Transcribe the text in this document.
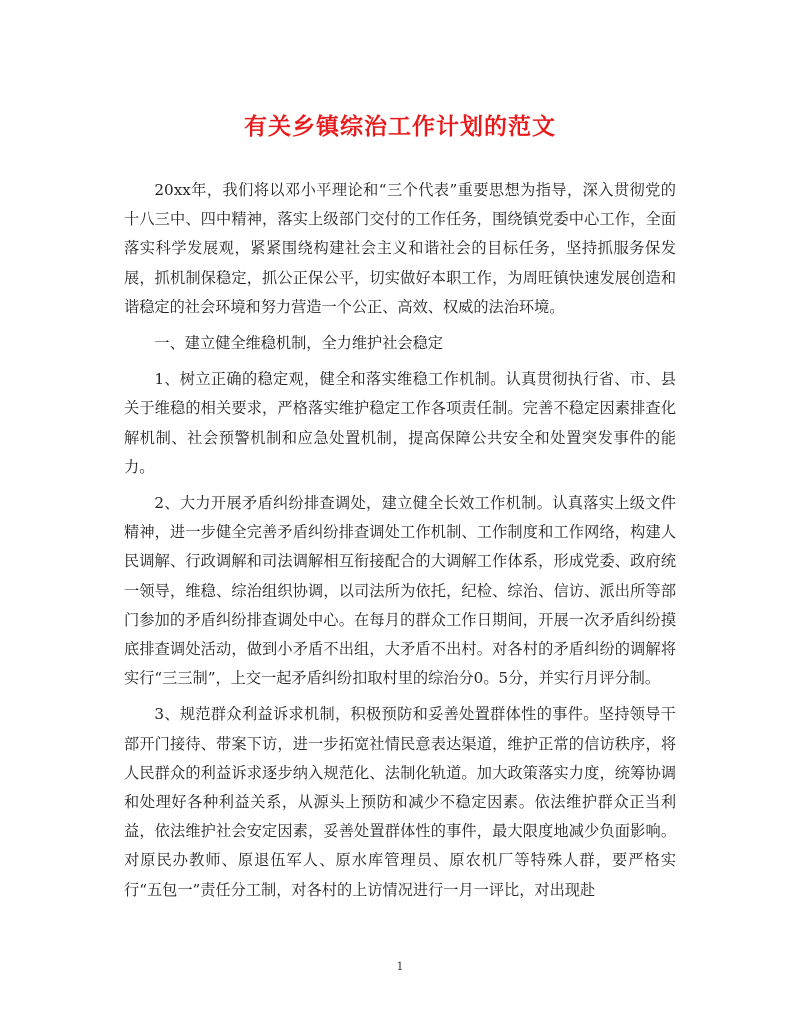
有关乡镇综治工作计划的范文

20xx年，我们将以邓小平理论和“三个代表”重要思想为指导，深入贯彻党的十八三中、四中精神，落实上级部门交付的工作任务，围绕镇党委中心工作，全面落实科学发展观，紧紧围绕构建社会主义和谐社会的目标任务，坚持抓服务保发展，抓机制保稳定，抓公正保公平，切实做好本职工作，为周旺镇快速发展创造和谐稳定的社会环境和努力营造一个公正、高效、权威的法治环境。

一、建立健全维稳机制，全力维护社会稳定

1、树立正确的稳定观，健全和落实维稳工作机制。认真贯彻执行省、市、县关于维稳的相关要求，严格落实维护稳定工作各项责任制。完善不稳定因素排查化解机制、社会预警机制和应急处置机制，提高保障公共安全和处置突发事件的能力。

2、大力开展矛盾纠纷排查调处，建立健全长效工作机制。认真落实上级文件精神，进一步健全完善矛盾纠纷排查调处工作机制、工作制度和工作网络，构建人民调解、行政调解和司法调解相互衔接配合的大调解工作体系，形成党委、政府统一领导，维稳、综治组织协调，以司法所为依托，纪检、综治、信访、派出所等部门参加的矛盾纠纷排查调处中心。在每月的群众工作日期间，开展一次矛盾纠纷摸底排查调处活动，做到小矛盾不出组，大矛盾不出村。对各村的矛盾纠纷的调解将实行“三三制”，上交一起矛盾纠纷扣取村里的综治分0。5分，并实行月评分制。

3、规范群众利益诉求机制，积极预防和妥善处置群体性的事件。坚持领导干部开门接待、带案下访，进一步拓宽社情民意表达渠道，维护正常的信访秩序，将人民群众的利益诉求逐步纳入规范化、法制化轨道。加大政策落实力度，统筹协调和处理好各种利益关系，从源头上预防和减少不稳定因素。依法维护群众正当利益，依法维护社会安定因素，妥善处置群体性的事件，最大限度地减少负面影响。对原民办教师、原退伍军人、原水库管理员、原农机厂等特殊人群，要严格实行“五包一”责任分工制，对各村的上访情况进行一月一评比，对出现赴

1
